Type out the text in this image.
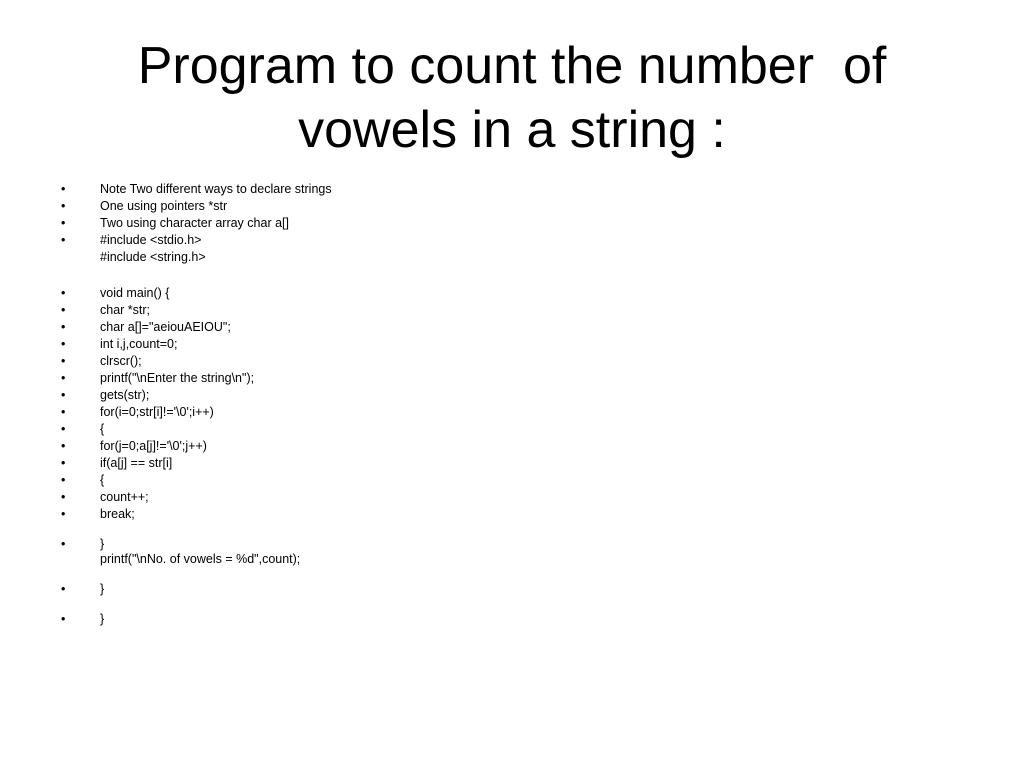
Program to count the number  of
vowels in a string :
•	Note Two different ways to declare strings
•	One using pointers *str
•	Two using character array char a[]
•	#include <stdio.h>
#include <string.h>
•	void main() {
•	char *str;
•	char a[]="aeiouAEIOU";
•	int i,j,count=0;
•	clrscr();
•	printf("\nEnter the string\n");
•	gets(str);
•	for(i=0;str[i]!='\0';i++)
•	{
•	for(j=0;a[j]!='\0';j++)
•	if(a[j] == str[i]
•	{
•	count++;
•	break;
•	}
printf("\nNo. of vowels = %d",count);
•	}
•	}
